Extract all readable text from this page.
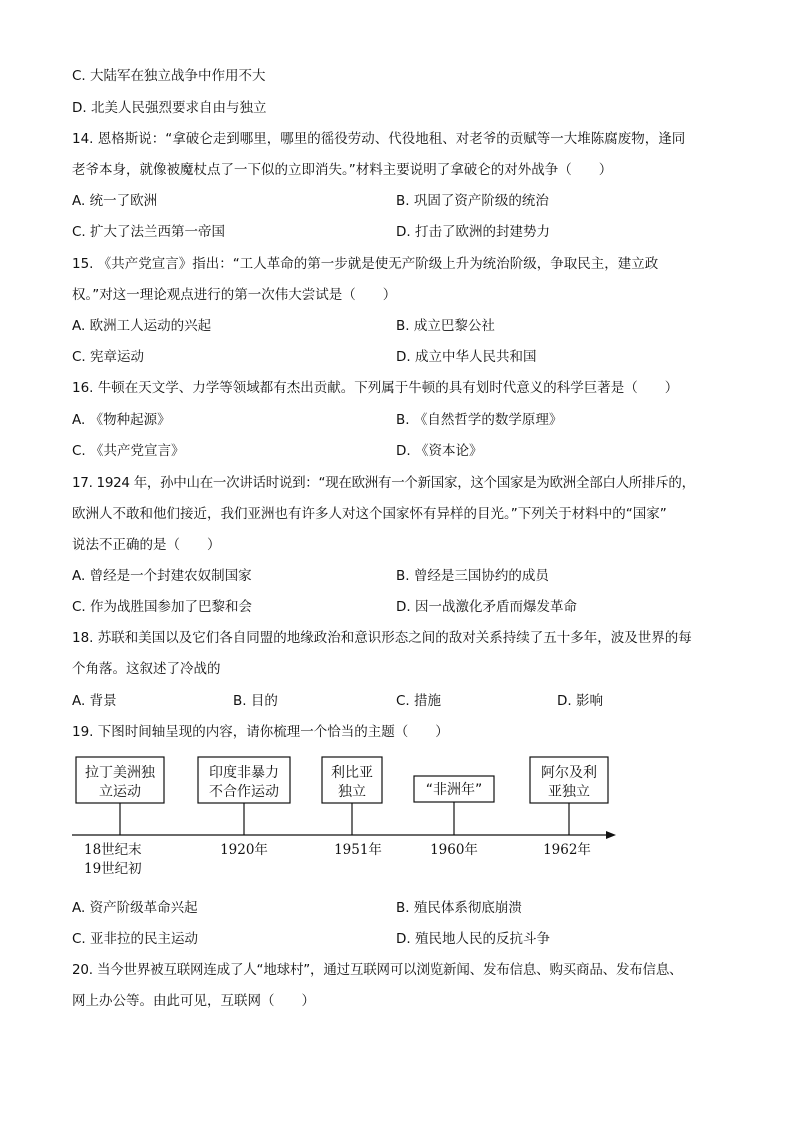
C. 大陆军在独立战争中作用不大
D. 北美人民强烈要求自由与独立
14. 恩格斯说：“拿破仑走到哪里，哪里的徭役劳动、代役地租、对老爷的贡赋等一大堆陈腐废物，逢同
老爷本身，就像被魔杖点了一下似的立即消失。”材料主要说明了拿破仑的对外战争（　　）
A. 统一了欧洲	B. 巩固了资产阶级的统治
C. 扩大了法兰西第一帝国	D. 打击了欧洲的封建势力
15. 《共产党宣言》指出：“工人革命的第一步就是使无产阶级上升为统治阶级，争取民主，建立政
权。”对这一理论观点进行的第一次伟大尝试是（　　）
A. 欧洲工人运动的兴起	B. 成立巴黎公社
C. 宪章运动	D. 成立中华人民共和国
16. 牛顿在天文学、力学等领域都有杰出贡献。下列属于牛顿的具有划时代意义的科学巨著是（　　）
A. 《物种起源》	B. 《自然哲学的数学原理》
C. 《共产党宣言》	D. 《资本论》
17. 1924 年，孙中山在一次讲话时说到：“现在欧洲有一个新国家，这个国家是为欧洲全部白人所排斥的，
欧洲人不敢和他们接近，我们亚洲也有许多人对这个国家怀有异样的目光。”下列关于材料中的“国家”
说法不正确的是（　　）
A. 曾经是一个封建农奴制国家	B. 曾经是三国协约的成员
C. 作为战胜国参加了巴黎和会	D. 因一战激化矛盾而爆发革命
18. 苏联和美国以及它们各自同盟的地缘政治和意识形态之间的敌对关系持续了五十多年，波及世界的每
个角落。这叙述了冷战的
A. 背景	B. 目的	C. 措施	D. 影响
19. 下图时间轴呈现的内容，请你梳理一个恰当的主题（　　）
拉丁美洲独
立运动
印度非暴力
不合作运动
利比亚
独立	“非洲年”
阿尔及利
亚独立
18世纪末
19世纪初
1920年	1951年	1960年	1962年
A. 资产阶级革命兴起	B. 殖民体系彻底崩溃
C. 亚非拉的民主运动	D. 殖民地人民的反抗斗争
20. 当今世界被互联网连成了人“地球村”，通过互联网可以浏览新闻、发布信息、购买商品、发布信息、
网上办公等。由此可见，互联网（　　）
